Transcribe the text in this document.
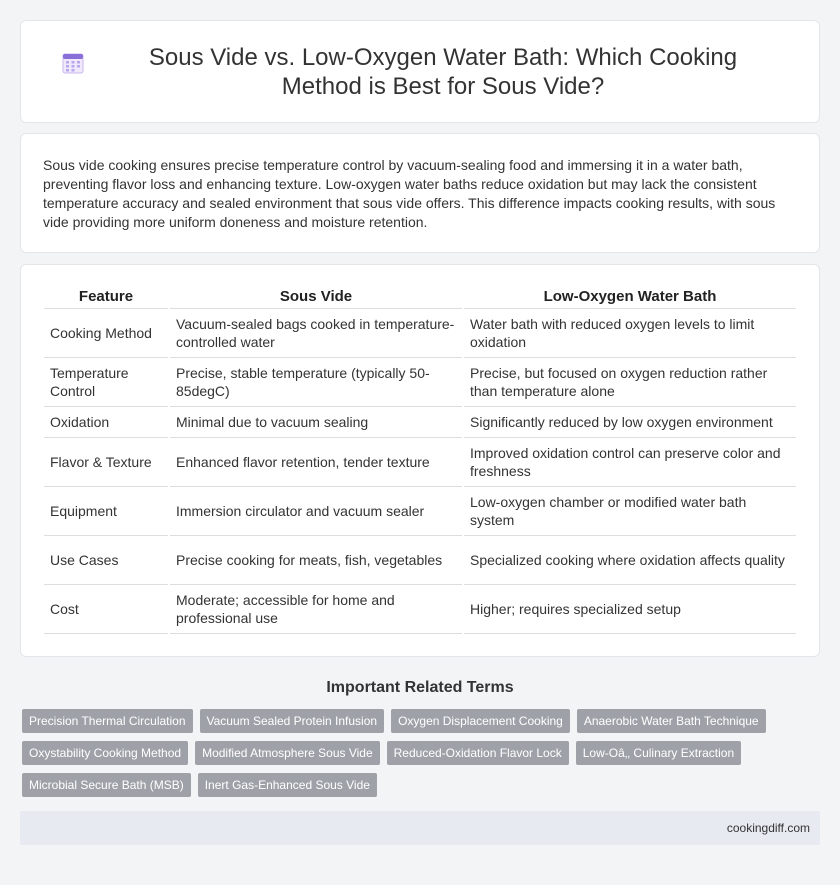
Sous Vide vs. Low-Oxygen Water Bath: Which Cooking Method is Best for Sous Vide?

Sous vide cooking ensures precise temperature control by vacuum-sealing food and immersing it in a water bath, preventing flavor loss and enhancing texture. Low-oxygen water baths reduce oxidation but may lack the consistent temperature accuracy and sealed environment that sous vide offers. This difference impacts cooking results, with sous vide providing more uniform doneness and moisture retention.

Feature	Sous Vide	Low-Oxygen Water Bath
Cooking Method	Vacuum-sealed bags cooked in temperature-controlled water	Water bath with reduced oxygen levels to limit oxidation
Temperature Control	Precise, stable temperature (typically 50-85degC)	Precise, but focused on oxygen reduction rather than temperature alone
Oxidation	Minimal due to vacuum sealing	Significantly reduced by low oxygen environment
Flavor & Texture	Enhanced flavor retention, tender texture	Improved oxidation control can preserve color and freshness
Equipment	Immersion circulator and vacuum sealer	Low-oxygen chamber or modified water bath system
Use Cases	Precise cooking for meats, fish, vegetables	Specialized cooking where oxidation affects quality
Cost	Moderate; accessible for home and professional use	Higher; requires specialized setup
Important Related Terms
Precision Thermal Circulation	Vacuum Sealed Protein Infusion	Oxygen Displacement Cooking	Anaerobic Water Bath Technique
Oxystability Cooking Method	Modified Atmosphere Sous Vide	Reduced-Oxidation Flavor Lock	Low-Oâ‚‚ Culinary Extraction
Microbial Secure Bath (MSB)	Inert Gas-Enhanced Sous Vide
cookingdiff.com
